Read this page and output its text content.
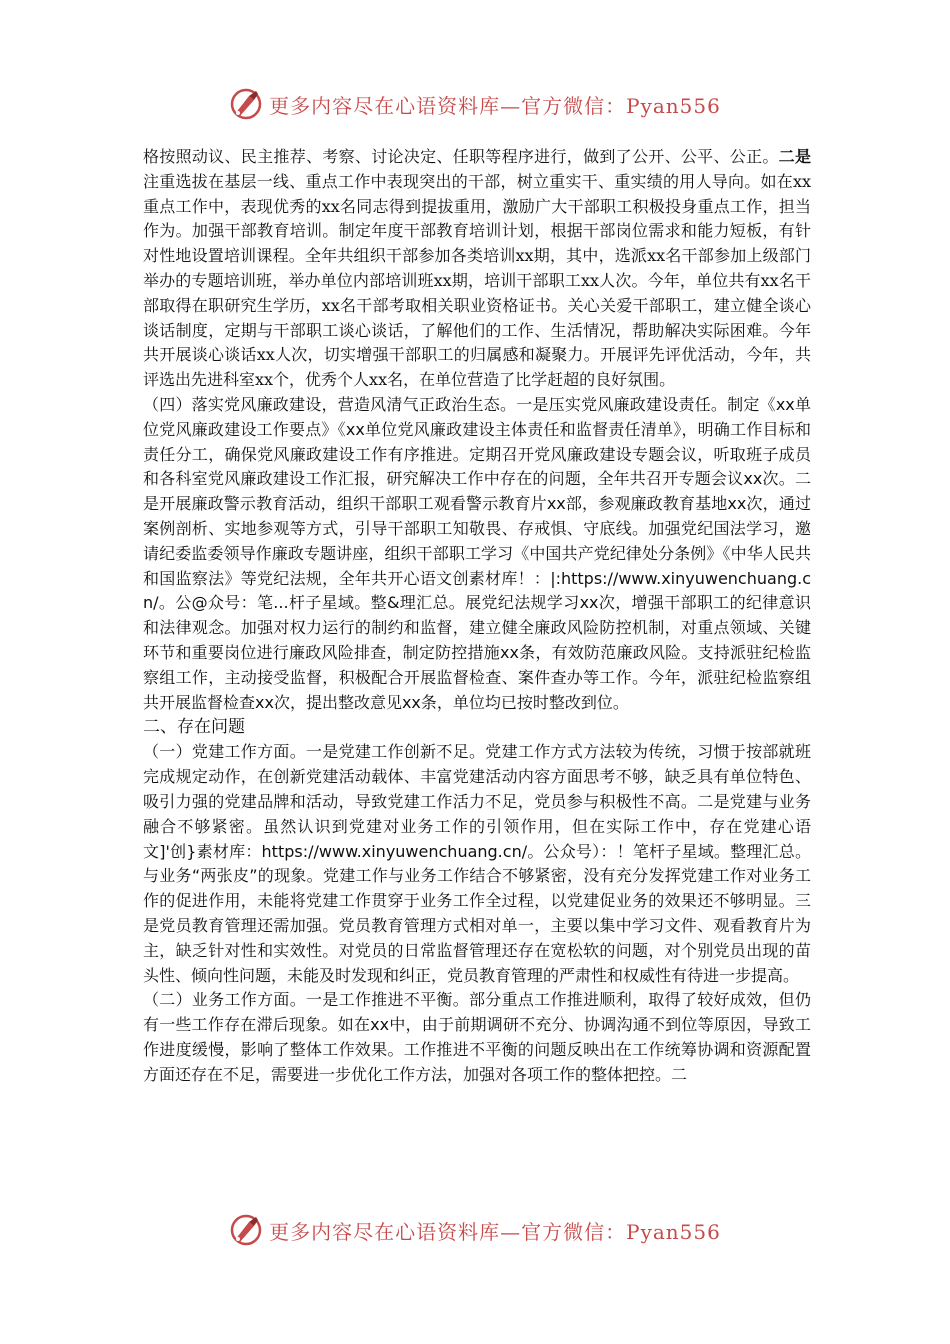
更多内容尽在心语资料库—官方微信：Pyan556

格按照动议、民主推荐、考察、讨论决定、任职等程序进行，做到了公开、公平、公正。二是注重选拔在基层一线、重点工作中表现突出的干部，树立重实干、重实绩的用人导向。如在xx重点工作中，表现优秀的xx名同志得到提拔重用，激励广大干部职工积极投身重点工作，担当作为。加强干部教育培训。制定年度干部教育培训计划，根据干部岗位需求和能力短板，有针对性地设置培训课程。全年共组织干部参加各类培训xx期，其中，选派xx名干部参加上级部门举办的专题培训班，举办单位内部培训班xx期，培训干部职工xx人次。今年，单位共有xx名干部取得在职研究生学历，xx名干部考取相关职业资格证书。关心关爱干部职工，建立健全谈心谈话制度，定期与干部职工谈心谈话，了解他们的工作、生活情况，帮助解决实际困难。今年共开展谈心谈话xx人次，切实增强干部职工的归属感和凝聚力。开展评先评优活动，今年，共评选出先进科室xx个，优秀个人xx名，在单位营造了比学赶超的良好氛围。

（四）落实党风廉政建设，营造风清气正政治生态。一是压实党风廉政建设责任。制定《xx单位党风廉政建设工作要点》《xx单位党风廉政建设主体责任和监督责任清单》，明确工作目标和责任分工，确保党风廉政建设工作有序推进。定期召开党风廉政建设专题会议，听取班子成员和各科室党风廉政建设工作汇报，研究解决工作中存在的问题，全年共召开专题会议xx次。二是开展廉政警示教育活动，组织干部职工观看警示教育片xx部，参观廉政教育基地xx次，通过案例剖析、实地参观等方式，引导干部职工知敬畏、存戒惧、守底线。加强党纪国法学习，邀请纪委监委领导作廉政专题讲座，组织干部职工学习《中国共产党纪律处分条例》《中华人民共和国监察法》等党纪法规，全年共开心语文创素材库！：|:https://www.xinyuwenchuang.cn/。公@众号：笔...杆子星域。整&理汇总。展党纪法规学习xx次，增强干部职工的纪律意识和法律观念。加强对权力运行的制约和监督，建立健全廉政风险防控机制，对重点领域、关键环节和重要岗位进行廉政风险排查，制定防控措施xx条，有效防范廉政风险。支持派驻纪检监察组工作，主动接受监督，积极配合开展监督检查、案件查办等工作。今年，派驻纪检监察组共开展监督检查xx次，提出整改意见xx条，单位均已按时整改到位。

二、存在问题

（一）党建工作方面。一是党建工作创新不足。党建工作方式方法较为传统，习惯于按部就班完成规定动作，在创新党建活动载体、丰富党建活动内容方面思考不够，缺乏具有单位特色、吸引力强的党建品牌和活动，导致党建工作活力不足，党员参与积极性不高。二是党建与业务融合不够紧密。虽然认识到党建对业务工作的引领作用，但在实际工作中，存在党建心语文]'创}素材库：https://www.xinyuwenchuang.cn/。公众号）：！笔杆子星域。整理汇总。与业务“两张皮”的现象。党建工作与业务工作结合不够紧密，没有充分发挥党建工作对业务工作的促进作用，未能将党建工作贯穿于业务工作全过程，以党建促业务的效果还不够明显。三是党员教育管理还需加强。党员教育管理方式相对单一，主要以集中学习文件、观看教育片为主，缺乏针对性和实效性。对党员的日常监督管理还存在宽松软的问题，对个别党员出现的苗头性、倾向性问题，未能及时发现和纠正，党员教育管理的严肃性和权威性有待进一步提高。

（二）业务工作方面。一是工作推进不平衡。部分重点工作推进顺利，取得了较好成效，但仍有一些工作存在滞后现象。如在xx中，由于前期调研不充分、协调沟通不到位等原因，导致工作进度缓慢，影响了整体工作效果。工作推进不平衡的问题反映出在工作统筹协调和资源配置方面还存在不足，需要进一步优化工作方法，加强对各项工作的整体把控。二

更多内容尽在心语资料库—官方微信：Pyan556
